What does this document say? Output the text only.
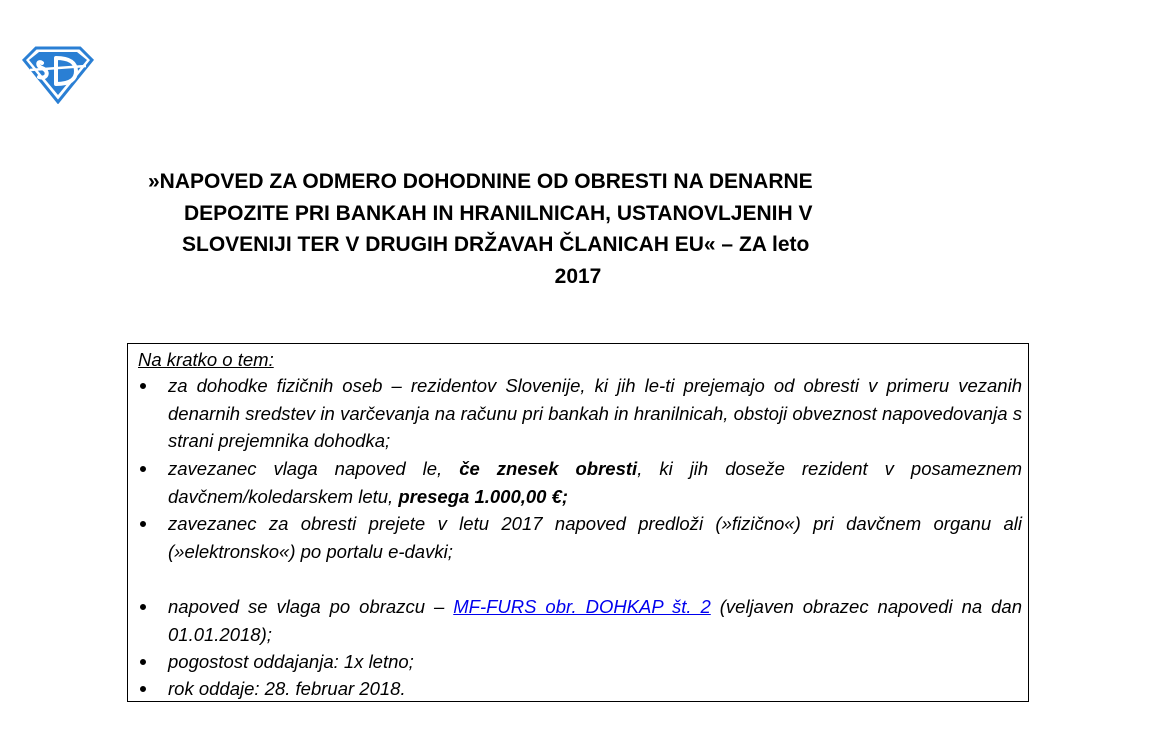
»NAPOVED ZA ODMERO DOHODNINE OD OBRESTI NA DENARNE
DEPOZITE PRI BANKAH IN HRANILNICAH, USTANOVLJENIH V
SLOVENIJI TER V DRUGIH DRŽAVAH ČLANICAH EU« – ZA leto
2017
Na kratko o tem:
za dohodke fizičnih oseb – rezidentov Slovenije, ki jih le-ti prejemajo od obresti v primeru vezanih denarnih sredstev in varčevanja na računu pri bankah in hranilnicah, obstoji obveznost napovedovanja s strani prejemnika dohodka;
zavezanec vlaga napoved le, če znesek obresti, ki jih doseže rezident v posameznem davčnem/koledarskem letu, presega 1.000,00 €;
zavezanec za obresti prejete v letu 2017 napoved predloži (»fizično«) pri davčnem organu ali (»elektronsko«) po portalu e-davki;
napoved se vlaga po obrazcu – MF-FURS obr. DOHKAP št. 2 (veljaven obrazec napovedi na dan 01.01.2018);
pogostost oddajanja: 1x letno;
rok oddaje: 28. februar 2018.
